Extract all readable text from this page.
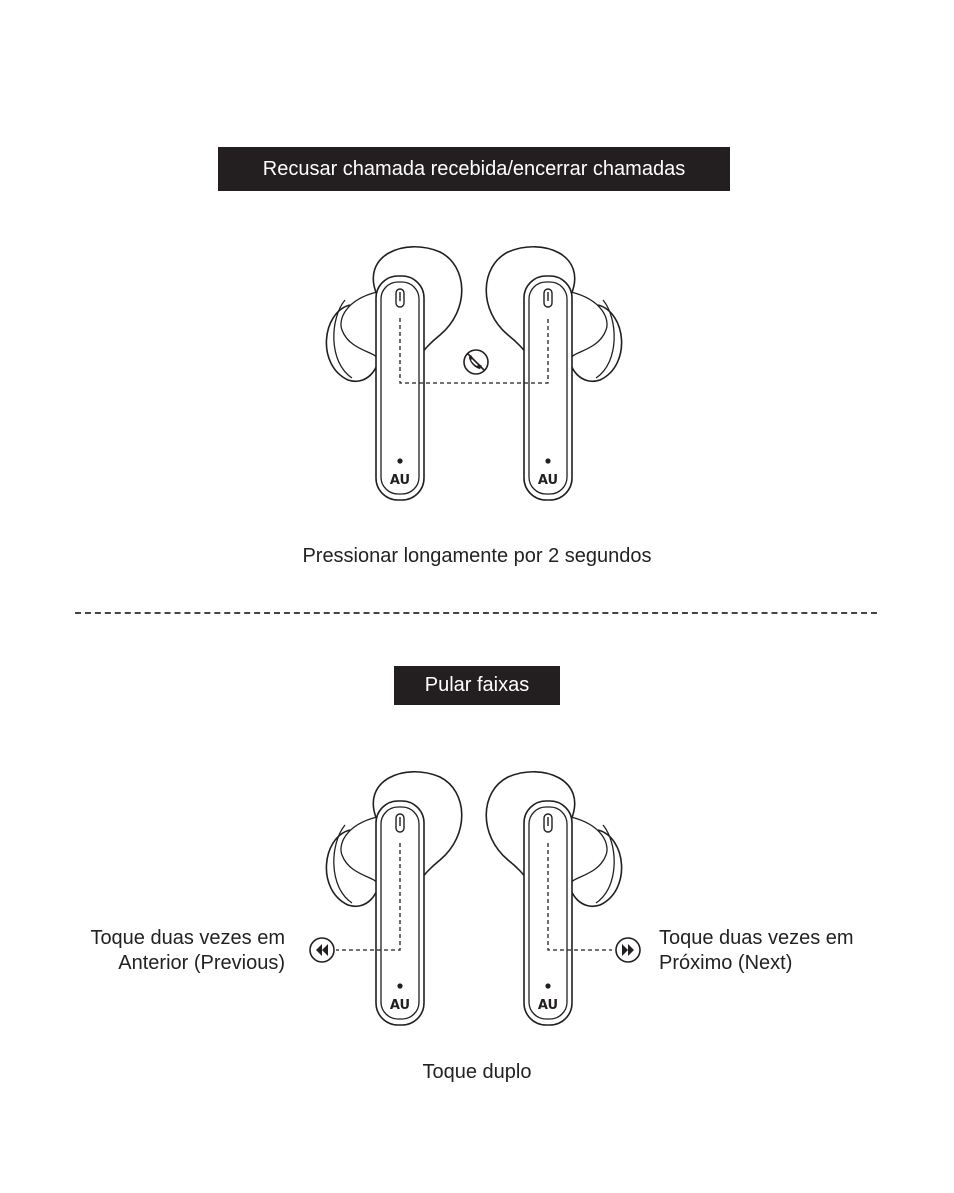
Recusar chamada recebida/encerrar chamadas
AU	AU
Pressionar longamente por 2 segundos
Pular faixas
AU	AU
Toque duas vezes em
Anterior (Previous)
Toque duas vezes em
Próximo (Next)
Toque duplo
